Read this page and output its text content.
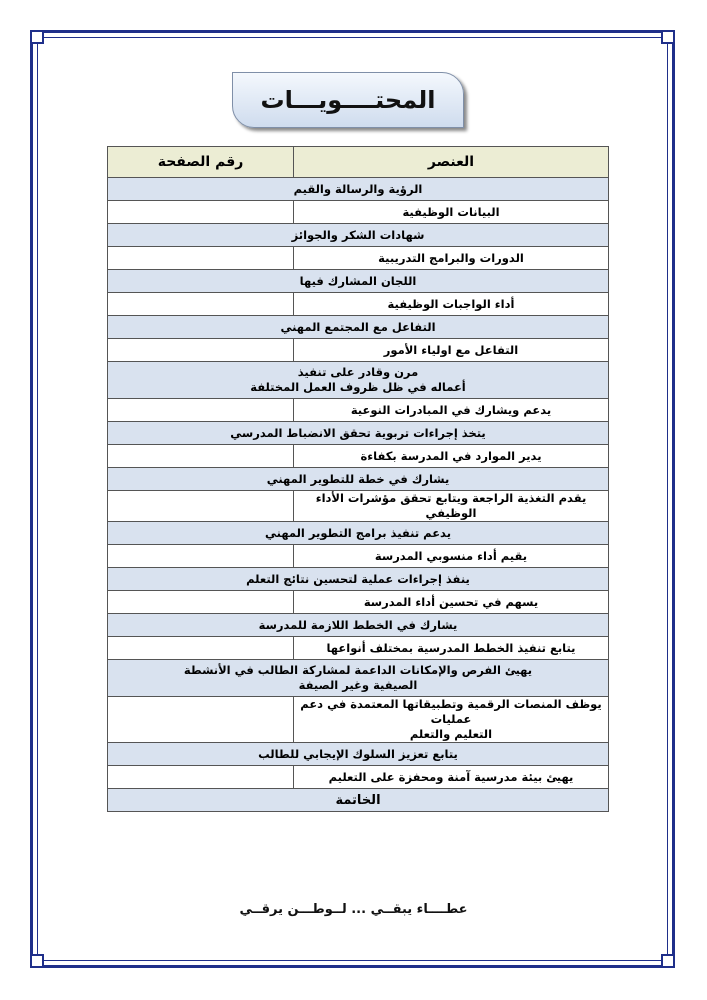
المحتــــويـــات
العنصر	رقم الصفحة

الرؤية والرسالة والقيم	

البيانات الوظيفية	

شهادات الشكر والجوائز	

الدورات والبرامج التدريبية	

اللجان المشارك فيها	

أداء الواجبات الوظيفية	

التفاعل مع المجتمع المهني	

التفاعل مع اولياء الأمور	

مرن وقادر على تنفيذ
أعماله في ظل ظروف العمل المختلفة	

يدعم ويشارك في المبادرات النوعية	

يتخذ إجراءات تربوية تحقق الانضباط المدرسي	

يدير الموارد في المدرسة بكفاءة	

يشارك في خطة للتطوير المهني	

يقدم التغذية الراجعة ويتابع تحقق مؤشرات الأداء الوظيفي	

يدعم تنفيذ برامج التطوير المهني	

يقيم أداء منسوبي المدرسة	

ينفذ إجراءات عملية لتحسين نتائج التعلم	

يسهم في تحسين أداء المدرسة	

يشارك في الخطط اللازمة للمدرسة	

يتابع تنفيذ الخطط المدرسية بمختلف أنواعها	

يهيئ الفرص والإمكانات الداعمة لمشاركة الطالب في الأنشطة
الصيفية وغير الصيفة	

يوظف المنصات الرقمية وتطبيقاتها المعتمدة في دعم عمليات
التعليم والتعلم	

يتابع تعزيز السلوك الإيجابي للطالب	

يهيئ بيئة مدرسية آمنة ومحفزة على التعليم	

الخاتمة	
عطــــاء يبقــي ... لــوطـــن يرقــي
